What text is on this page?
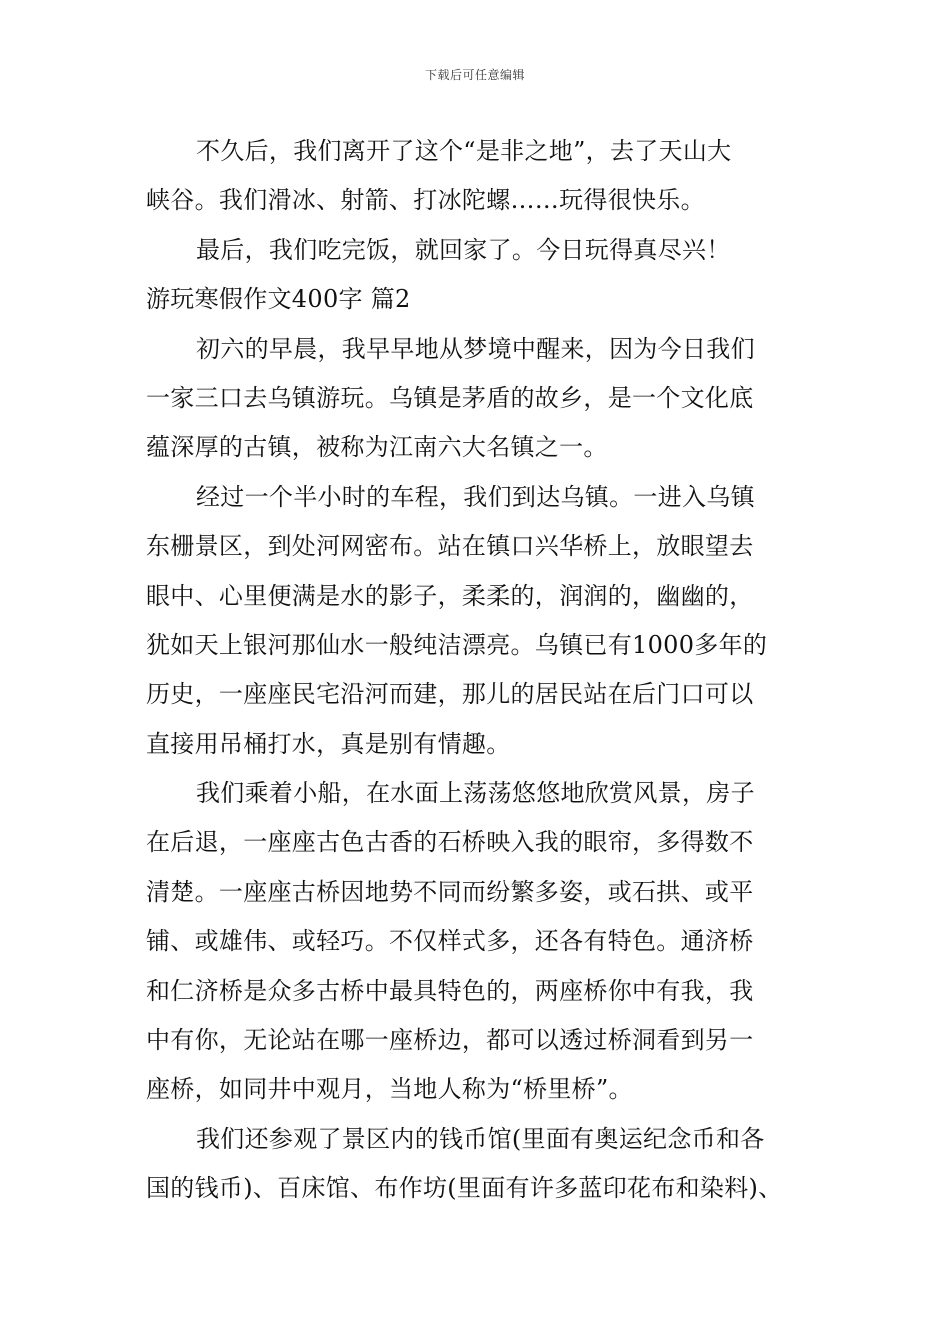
下载后可任意编辑
不久后，我们离开了这个“是非之地”，去了天山大
峡谷。我们滑冰、射箭、打冰陀螺……玩得很快乐。
最后，我们吃完饭，就回家了。今日玩得真尽兴！
游玩寒假作文400字 篇2
初六的早晨，我早早地从梦境中醒来，因为今日我们
一家三口去乌镇游玩。乌镇是茅盾的故乡，是一个文化底
蕴深厚的古镇，被称为江南六大名镇之一。
经过一个半小时的车程，我们到达乌镇。一进入乌镇
东栅景区，到处河网密布。站在镇口兴华桥上，放眼望去
眼中、心里便满是水的影子，柔柔的，润润的，幽幽的，
犹如天上银河那仙水一般纯洁漂亮。乌镇已有1000多年的
历史，一座座民宅沿河而建，那儿的居民站在后门口可以
直接用吊桶打水，真是别有情趣。
我们乘着小船，在水面上荡荡悠悠地欣赏风景，房子
在后退，一座座古色古香的石桥映入我的眼帘，多得数不
清楚。一座座古桥因地势不同而纷繁多姿，或石拱、或平
铺、或雄伟、或轻巧。不仅样式多，还各有特色。通济桥
和仁济桥是众多古桥中最具特色的，两座桥你中有我，我
中有你，无论站在哪一座桥边，都可以透过桥洞看到另一
座桥，如同井中观月，当地人称为“桥里桥”。
我们还参观了景区内的钱币馆(里面有奥运纪念币和各
国的钱币)、百床馆、布作坊(里面有许多蓝印花布和染料)、
